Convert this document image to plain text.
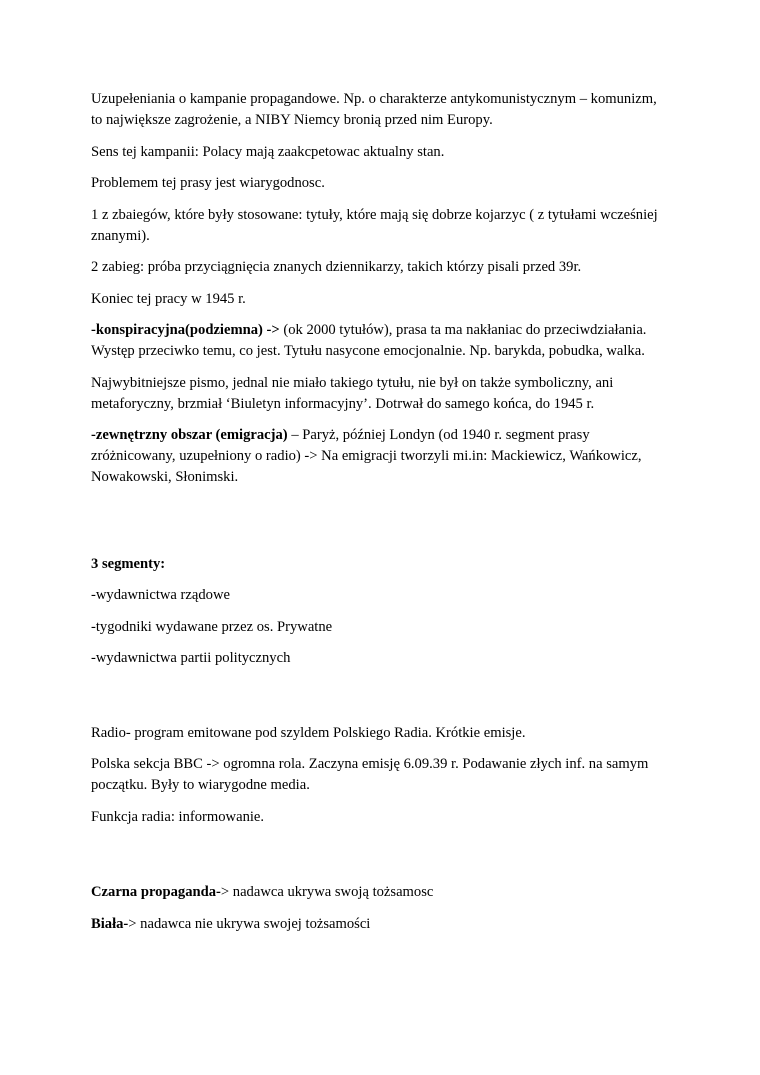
Uzupełeniania o kampanie propagandowe. Np. o charakterze antykomunistycznym – komunizm, to największe zagrożenie, a NIBY Niemcy bronią przed nim Europy.

Sens tej kampanii: Polacy mają zaakcpetowac aktualny stan.

Problemem tej prasy jest wiarygodnosc.

1 z zbaiegów, które były stosowane: tytuły, które mają się dobrze kojarzyc ( z tytułami wcześniej znanymi).

2 zabieg: próba przyciągnięcia znanych dziennikarzy, takich którzy pisali przed 39r.

Koniec tej pracy w 1945 r.

-konspiracyjna(podziemna) -> (ok 2000 tytułów), prasa ta ma nakłaniac do przeciwdziałania. Występ przeciwko temu, co jest. Tytułu nasycone emocjonalnie. Np. barykda, pobudka, walka.

Najwybitniejsze pismo, jednal nie miało takiego tytułu, nie był on także symboliczny, ani metaforyczny, brzmiał ‘Biuletyn informacyjny’. Dotrwał do samego końca, do 1945 r.

-zewnętrzny obszar (emigracja) – Paryż, później Londyn (od 1940 r. segment prasy zróżnicowany, uzupełniony o radio) -> Na emigracji tworzyli mi.in: Mackiewicz, Wańkowicz, Nowakowski, Słonimski.

3 segmenty:

-wydawnictwa rządowe

-tygodniki wydawane przez os. Prywatne

-wydawnictwa partii politycznych

Radio- program emitowane pod szyldem Polskiego Radia. Krótkie emisje.

Polska sekcja BBC -> ogromna rola. Zaczyna emisję 6.09.39 r. Podawanie złych inf. na samym początku. Były to wiarygodne media.

Funkcja radia: informowanie.

Czarna propaganda-> nadawca ukrywa swoją tożsamosc

Biała-> nadawca nie ukrywa swojej tożsamości
